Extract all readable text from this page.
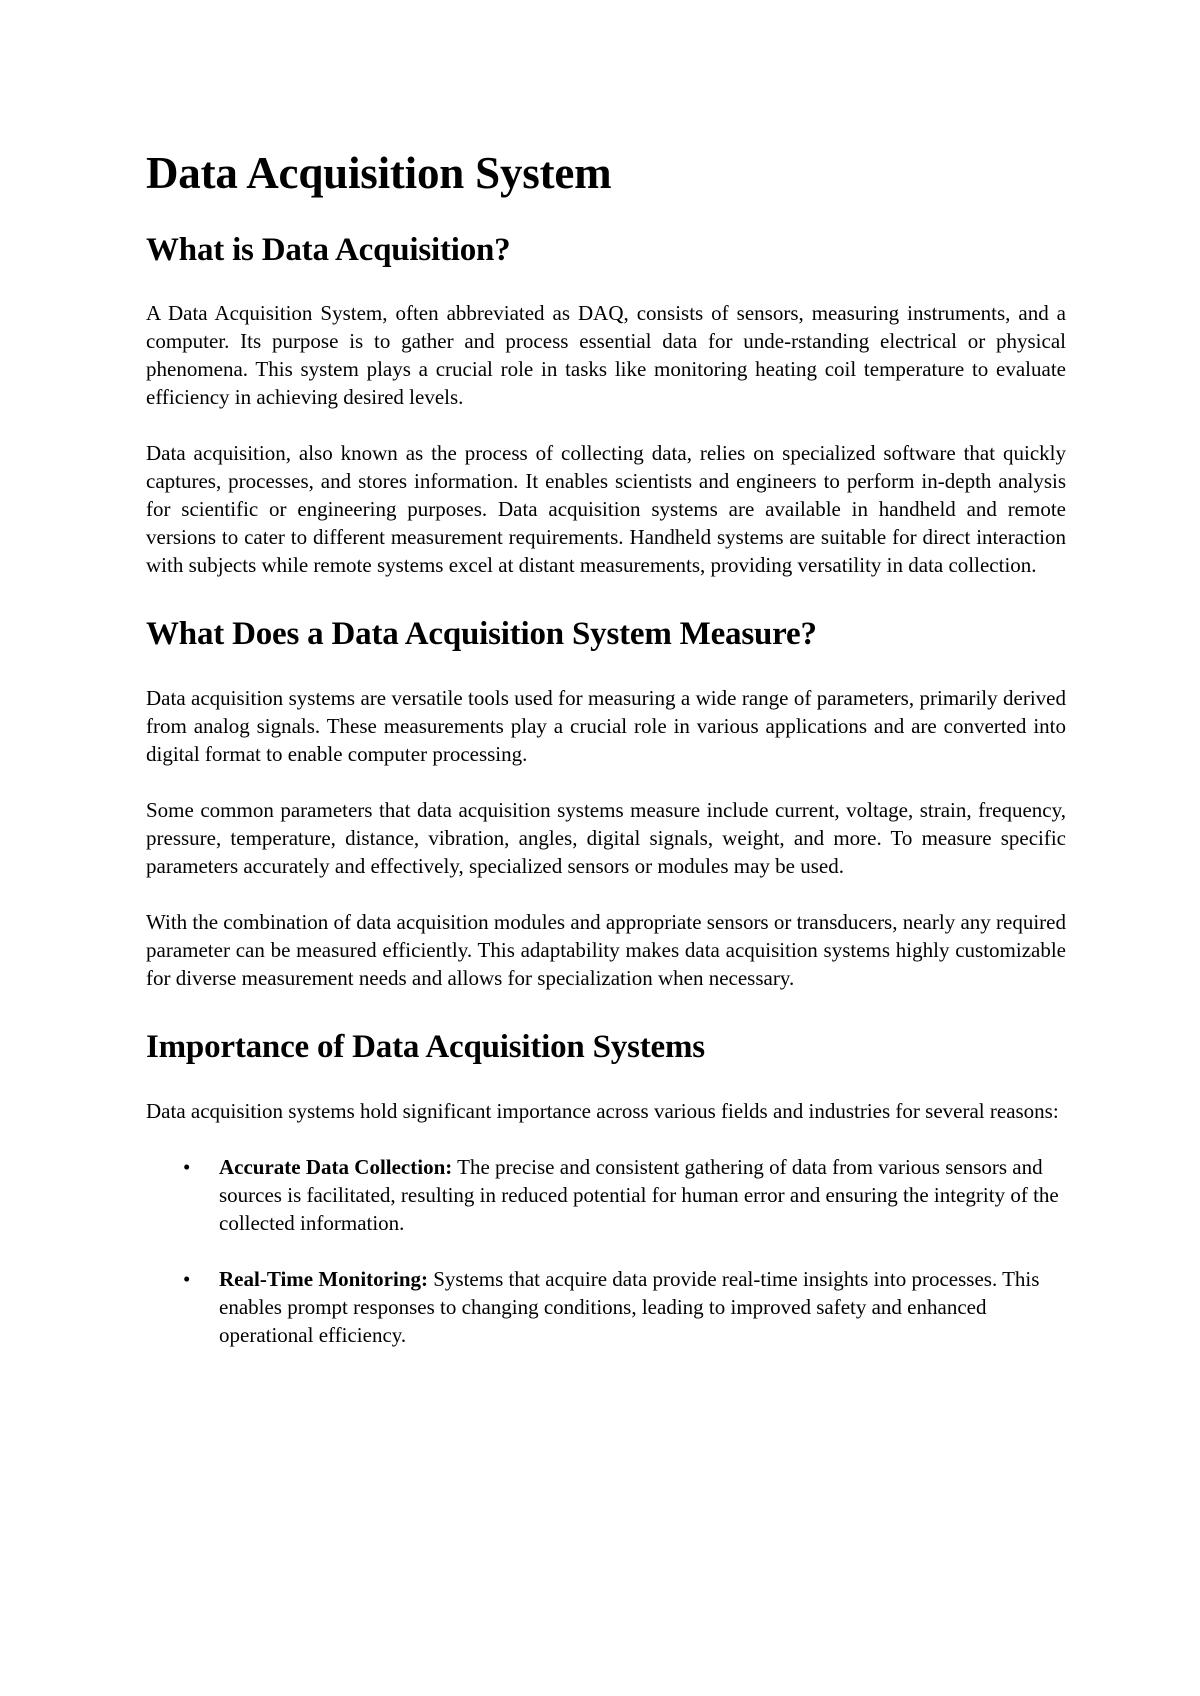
Data Acquisition System
What is Data Acquisition?

A Data Acquisition System, often abbreviated as DAQ, consists of sensors, measuring instruments, and a computer. Its purpose is to gather and process essential data for unde-rstanding electrical or physical phenomena. This system plays a crucial role in tasks like monitoring heating coil temperature to evaluate efficiency in achieving desired levels.

Data acquisition, also known as the process of collecting data, relies on specialized software that quickly captures, processes, and stores information. It enables scientists and engineers to perform in-depth analysis for scientific or engineering purposes. Data acquisition systems are available in handheld and remote versions to cater to different measurement requirements. Handheld systems are suitable for direct interaction with subjects while remote systems excel at distant measurements, providing versatility in data collection.

What Does a Data Acquisition System Measure?

Data acquisition systems are versatile tools used for measuring a wide range of parameters, primarily derived from analog signals. These measurements play a crucial role in various applications and are converted into digital format to enable computer processing.

Some common parameters that data acquisition systems measure include current, voltage, strain, frequency, pressure, temperature, distance, vibration, angles, digital signals, weight, and more. To measure specific parameters accurately and effectively, specialized sensors or modules may be used.

With the combination of data acquisition modules and appropriate sensors or transducers, nearly any required parameter can be measured efficiently. This adaptability makes data acquisition systems highly customizable for diverse measurement needs and allows for specialization when necessary.

Importance of Data Acquisition Systems

Data acquisition systems hold significant importance across various fields and industries for several reasons:

• Accurate Data Collection: The precise and consistent gathering of data from various sensors and sources is facilitated, resulting in reduced potential for human error and ensuring the integrity of the collected information.
• Real-Time Monitoring: Systems that acquire data provide real-time insights into processes. This enables prompt responses to changing conditions, leading to improved safety and enhanced operational efficiency.
